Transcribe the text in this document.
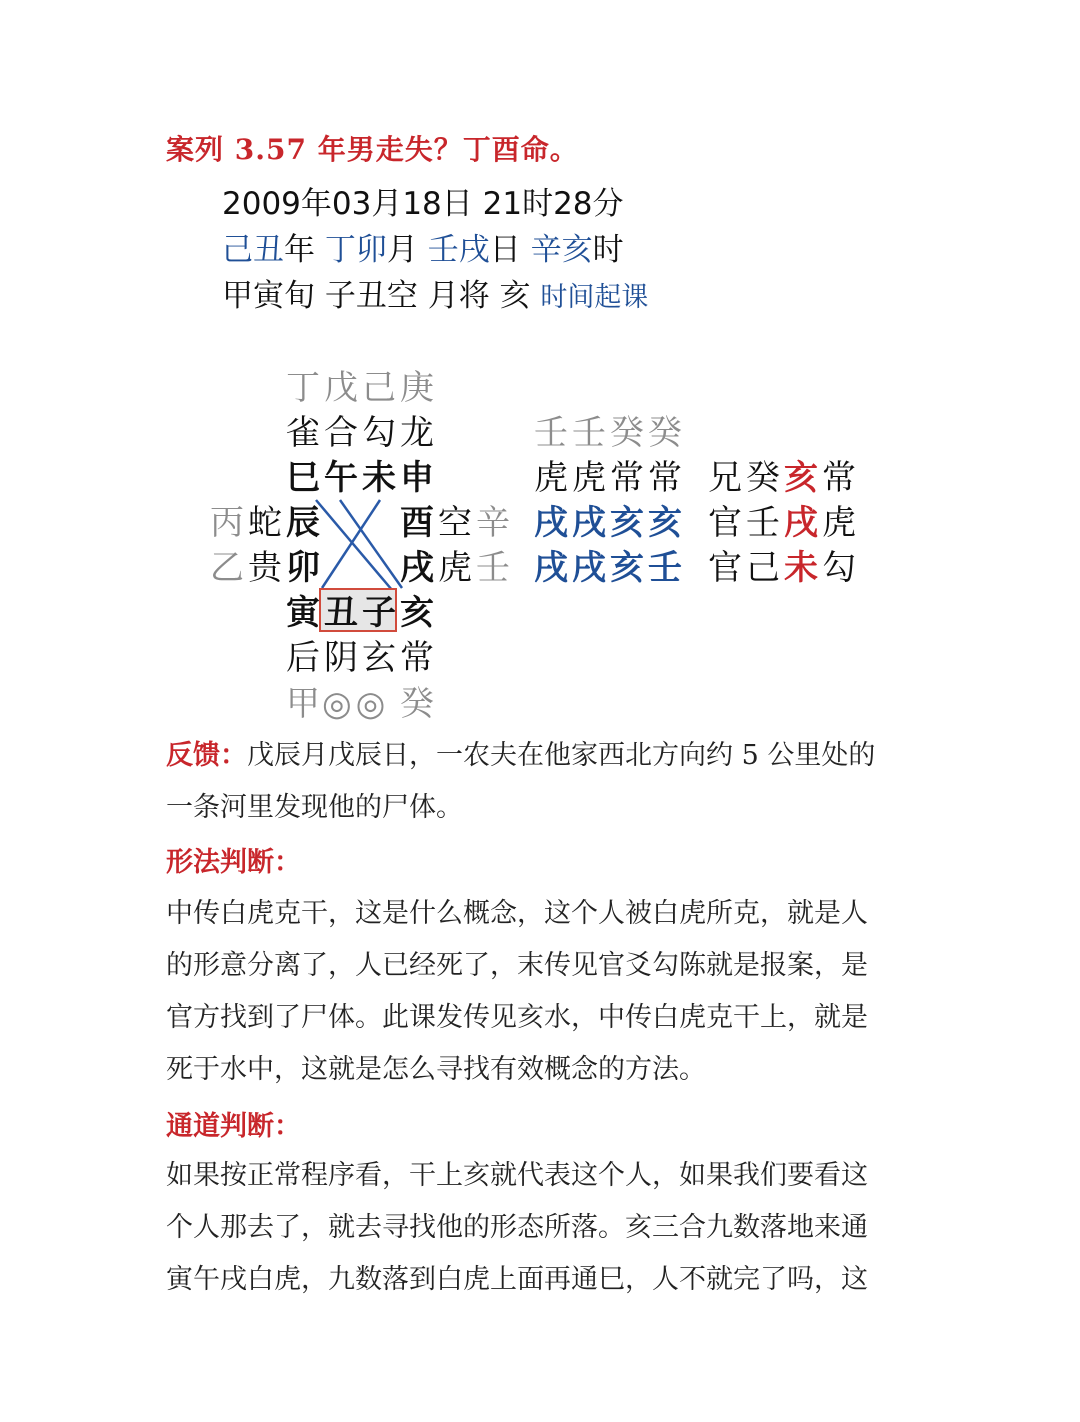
案列 3.57 年男走失？丁酉命。
2009年03月18日 21时28分
己丑年 丁卯月 壬戌日 辛亥时
甲寅旬 子丑空 月将 亥 时间起课
丁戊己庚
雀合勾龙
巳午未申
丙 蛇 辰
乙 贵 卯
酉 空 辛
戌 虎 壬
寅 丑子 亥
后阴玄常
甲 ◎◎ 癸
壬壬癸癸
虎虎常常
戌戌亥亥
戌戌亥壬
兄癸亥常
官壬戌虎
官己未勾
反馈：戊辰月戊辰日，一农夫在他家西北方向约 5 公里处的
一条河里发现他的尸体。
形法判断：
中传白虎克干，这是什么概念，这个人被白虎所克，就是人
的形意分离了，人已经死了，末传见官爻勾陈就是报案，是
官方找到了尸体。此课发传见亥水，中传白虎克干上，就是
死于水中，这就是怎么寻找有效概念的方法。
通道判断：
如果按正常程序看，干上亥就代表这个人，如果我们要看这
个人那去了，就去寻找他的形态所落。亥三合九数落地来通
寅午戌白虎，九数落到白虎上面再通巳，人不就完了吗，这
